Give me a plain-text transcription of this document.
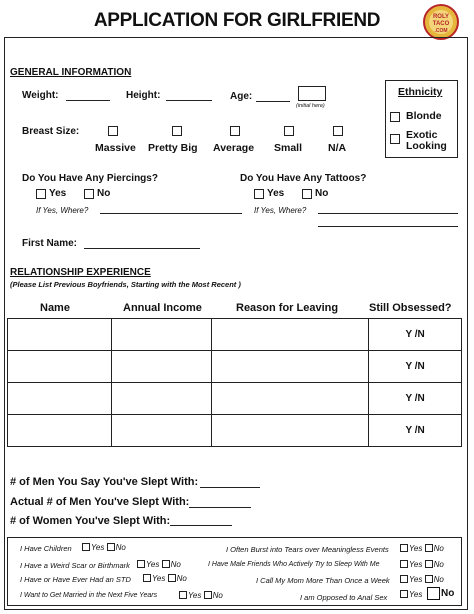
APPLICATION FOR GIRLFRIEND	ROLY
TACO
.COM
GENERAL INFORMATION
Weight:	Height:	Age:
(initial here)
Ethnicity
Blonde
Exotic
Looking
Breast Size:
Massive Pretty Big Average Small N/A
Do You Have Any Piercings?
Yes	No
If Yes, Where?
Do You Have Any Tattoos?
Yes	No
If Yes, Where?
First Name:
RELATIONSHIP EXPERIENCE
(Please List Previous Boyfriends, Starting with the Most Recent )
Name	Annual Income	Reason for Leaving	Still Obsessed?
			Y /N
			Y /N
			Y /N
			Y /N
# of Men You Say You've Slept With:
Actual # of Men You've Slept With:
# of Women You've Slept With:
I Have Children	Yes No
I Have a Weird Scar or Birthmark	Yes No
I Have or Have Ever Had an STD	Yes No
I Want to Get Married in the Next Five Years	Yes No
I Often Burst into Tears over Meaningless Events	Yes No
I Have Male Friends Who Actively Try to Sleep With Me	Yes No
I Call My Mom More Than Once a Week	Yes No
I am Opposed to Anal Sex	Yes No
